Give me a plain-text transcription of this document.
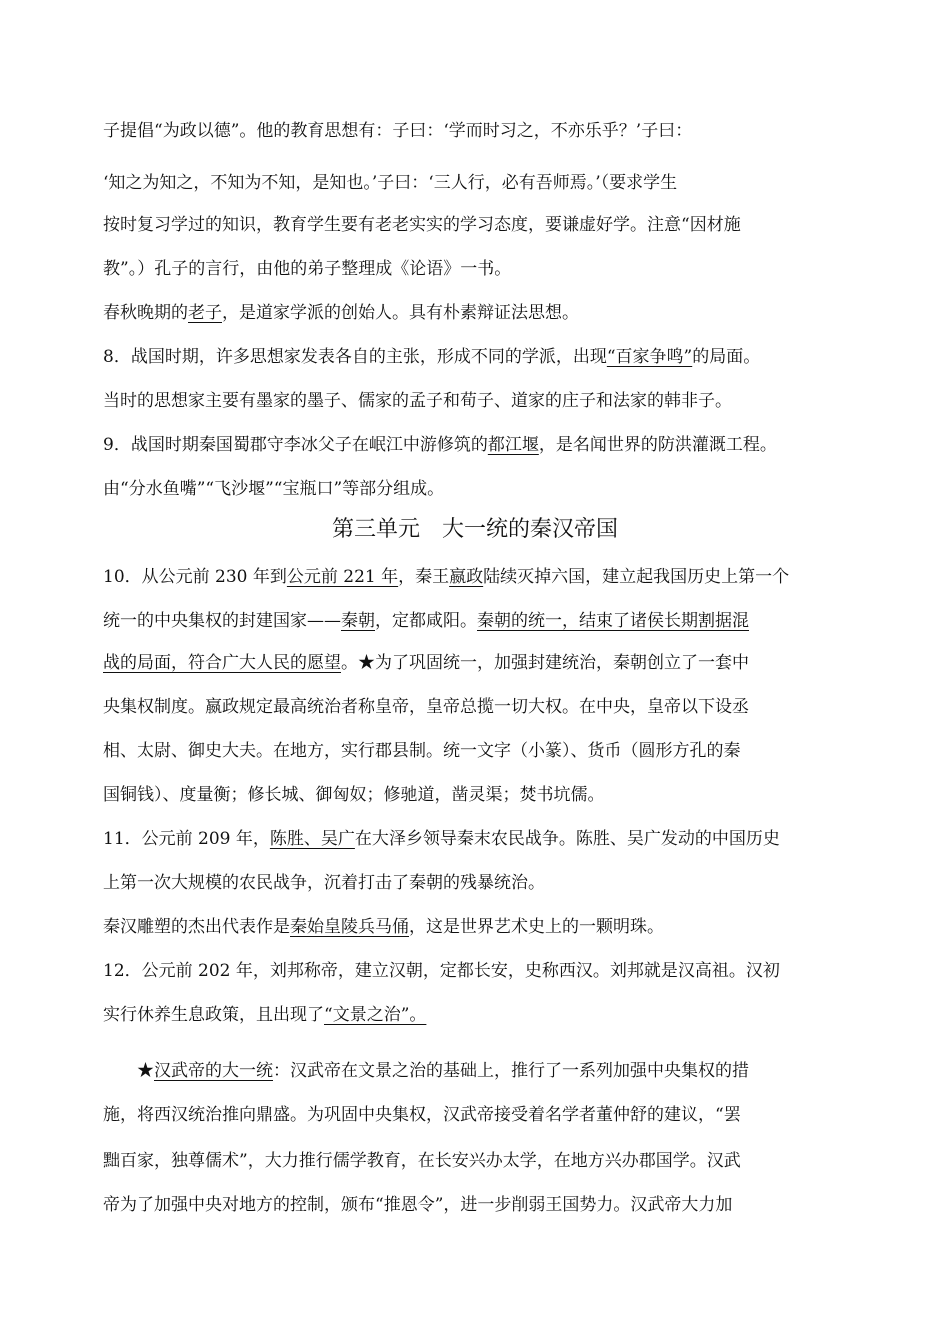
子提倡“为政以德”。他的教育思想有：子曰：‘学而时习之，不亦乐乎？’子曰：
‘知之为知之，不知为不知，是知也。’子曰：‘三人行，必有吾师焉。’（要求学生
按时复习学过的知识，教育学生要有老老实实的学习态度，要谦虚好学。注意“因材施
教”。）孔子的言行，由他的弟子整理成《论语》一书。
春秋晚期的老子，是道家学派的创始人。具有朴素辩证法思想。
8．战国时期，许多思想家发表各自的主张，形成不同的学派，出现“百家争鸣”的局面。
当时的思想家主要有墨家的墨子、儒家的孟子和荀子、道家的庄子和法家的韩非子。
9．战国时期秦国蜀郡守李冰父子在岷江中游修筑的都江堰，是名闻世界的防洪灌溉工程。
由“分水鱼嘴”“飞沙堰”“宝瓶口”等部分组成。
10．从公元前 230 年到公元前 221 年，秦王嬴政陆续灭掉六国，建立起我国历史上第一个
统一的中央集权的封建国家——秦朝，定都咸阳。秦朝的统一，结束了诸侯长期割据混
战的局面，符合广大人民的愿望。★为了巩固统一，加强封建统治，秦朝创立了一套中
央集权制度。嬴政规定最高统治者称皇帝，皇帝总揽一切大权。在中央，皇帝以下设丞
相、太尉、御史大夫。在地方，实行郡县制。统一文字（小篆）、货币（圆形方孔的秦
国铜钱）、度量衡；修长城、御匈奴；修驰道，凿灵渠；焚书坑儒。
11．公元前 209 年，陈胜、吴广在大泽乡领导秦末农民战争。陈胜、吴广发动的中国历史
上第一次大规模的农民战争，沉着打击了秦朝的残暴统治。
秦汉雕塑的杰出代表作是秦始皇陵兵马俑，这是世界艺术史上的一颗明珠。
12．公元前 202 年，刘邦称帝，建立汉朝，定都长安，史称西汉。刘邦就是汉高祖。汉初
实行休养生息政策，且出现了“文景之治”。
　　★汉武帝的大一统：汉武帝在文景之治的基础上，推行了一系列加强中央集权的措
施，将西汉统治推向鼎盛。为巩固中央集权，汉武帝接受着名学者董仲舒的建议，“罢
黜百家，独尊儒术”，大力推行儒学教育，在长安兴办太学，在地方兴办郡国学。汉武
帝为了加强中央对地方的控制，颁布“推恩令”，进一步削弱王国势力。汉武帝大力加
第三单元　大一统的秦汉帝国
